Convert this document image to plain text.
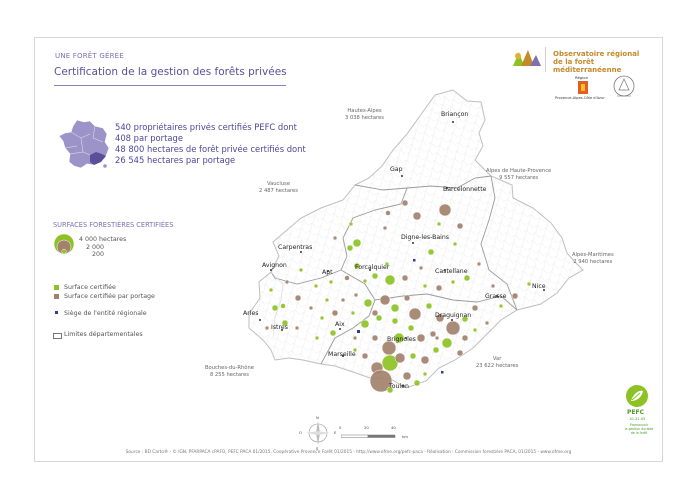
UNE FORÊT GÉRÉE
Certification de la gestion des forêts privées
Observatoire régional
de la forêt méditerranéenne
Région
Provence-Alpes-Côte d'Azur
540 propriétaires privés certifiés PEFC dont
408 par portage
48 800 hectares de forêt privée certifiés dont
26 545 hectares par portage
SURFACES FORESTIÈRES CERTIFIÉES
4 000 hectares
2 000
200
Surface certifiée
Surface certifiée par portage
Siège de l'entité régionale
Limites départementales
Briançon
Gap
Barcelonnette
Digne-les-Bains
Carpentras
Avignon
Apt
Forcalquier
Castellane
Grasse
Nice
Arles
Istres	Aix
Draguignan
Brignoles
Marseille
Toulon
Hautes-Alpes
3 038 hectares
Alpes de Haute-Provence
9 557 hectares
Vaucluse
2 487 hectares
Alpes-Maritimes
2 940 hectares
Var
23 622 hectares
Bouches-du-Rhône
8 255 hectares
N
E
S
O
0	20	40
km
PEFC
10-31-05
Promouvoir
la gestion durable
de la forêt
Source : BD Carto® - © IGN, PFARPACA cPAFO, PEFC PACA 01/2015, Coopérative Provence Forêt 01/2015 - http://www.ofme.org/pefc-paca - Réalisation : Commission forestière PACA, 01/2015 - www.ofme.org
